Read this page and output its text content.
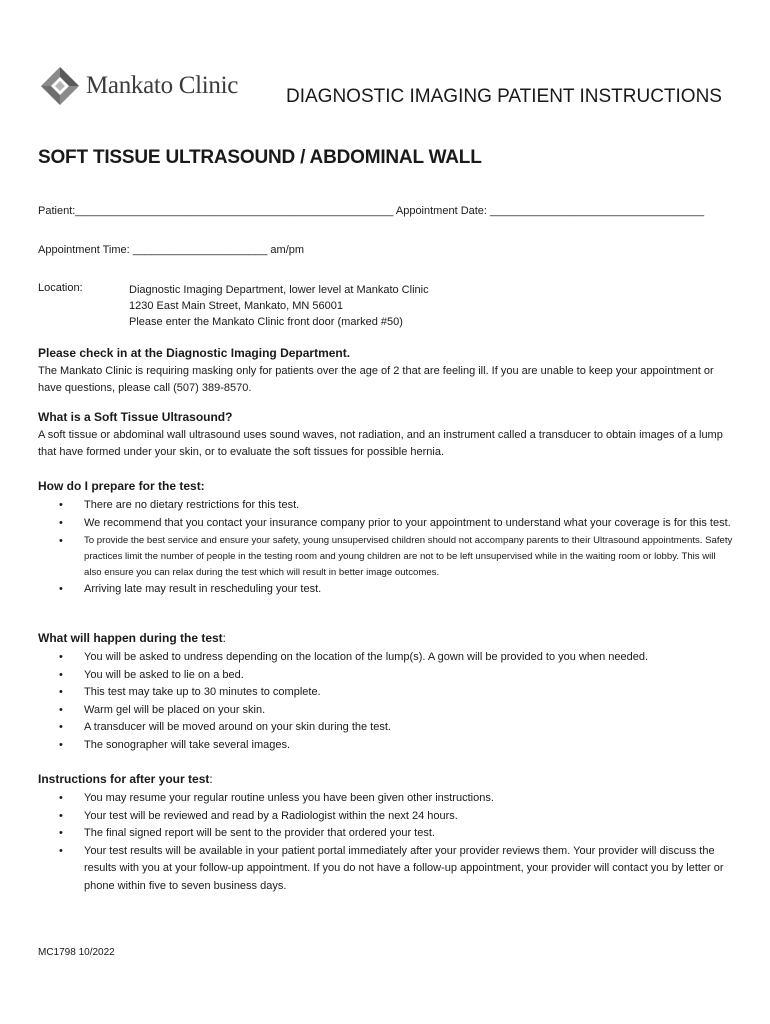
Mankato Clinic	DIAGNOSTIC IMAGING PATIENT INSTRUCTIONS
SOFT TISSUE ULTRASOUND / ABDOMINAL WALL
Patient:____________________________________________________ Appointment Date: ___________________________________
Appointment Time: ______________________ am/pm
Location:	Diagnostic Imaging Department, lower level at Mankato Clinic
1230 East Main Street, Mankato, MN 56001
Please enter the Mankato Clinic front door (marked #50)
Please check in at the Diagnostic Imaging Department.

The Mankato Clinic is requiring masking only for patients over the age of 2 that are feeling ill. If you are unable to keep your appointment or have questions, please call (507) 389-8570.

What is a Soft Tissue Ultrasound?

A soft tissue or abdominal wall ultrasound uses sound waves, not radiation, and an instrument called a transducer to obtain images of a lump that have formed under your skin, or to evaluate the soft tissues for possible hernia.

How do I prepare for the test:
• There are no dietary restrictions for this test.
• We recommend that you contact your insurance company prior to your appointment to understand what your coverage is for this test.
• To provide the best service and ensure your safety, young unsupervised children should not accompany parents to their Ultrasound appointments. Safety practices limit the number of people in the testing room and young children are not to be left unsupervised while in the waiting room or lobby. This will also ensure you can relax during the test which will result in better image outcomes.
• Arriving late may result in rescheduling your test.
What will happen during the test:
• You will be asked to undress depending on the location of the lump(s). A gown will be provided to you when needed.
• You will be asked to lie on a bed.
• This test may take up to 30 minutes to complete.
• Warm gel will be placed on your skin.
• A transducer will be moved around on your skin during the test.
• The sonographer will take several images.
Instructions for after your test:
• You may resume your regular routine unless you have been given other instructions.
• Your test will be reviewed and read by a Radiologist within the next 24 hours.
• The final signed report will be sent to the provider that ordered your test.
• Your test results will be available in your patient portal immediately after your provider reviews them. Your provider will discuss the results with you at your follow-up appointment. If you do not have a follow-up appointment, your provider will contact you by letter or phone within five to seven business days.
MC1798 10/2022
